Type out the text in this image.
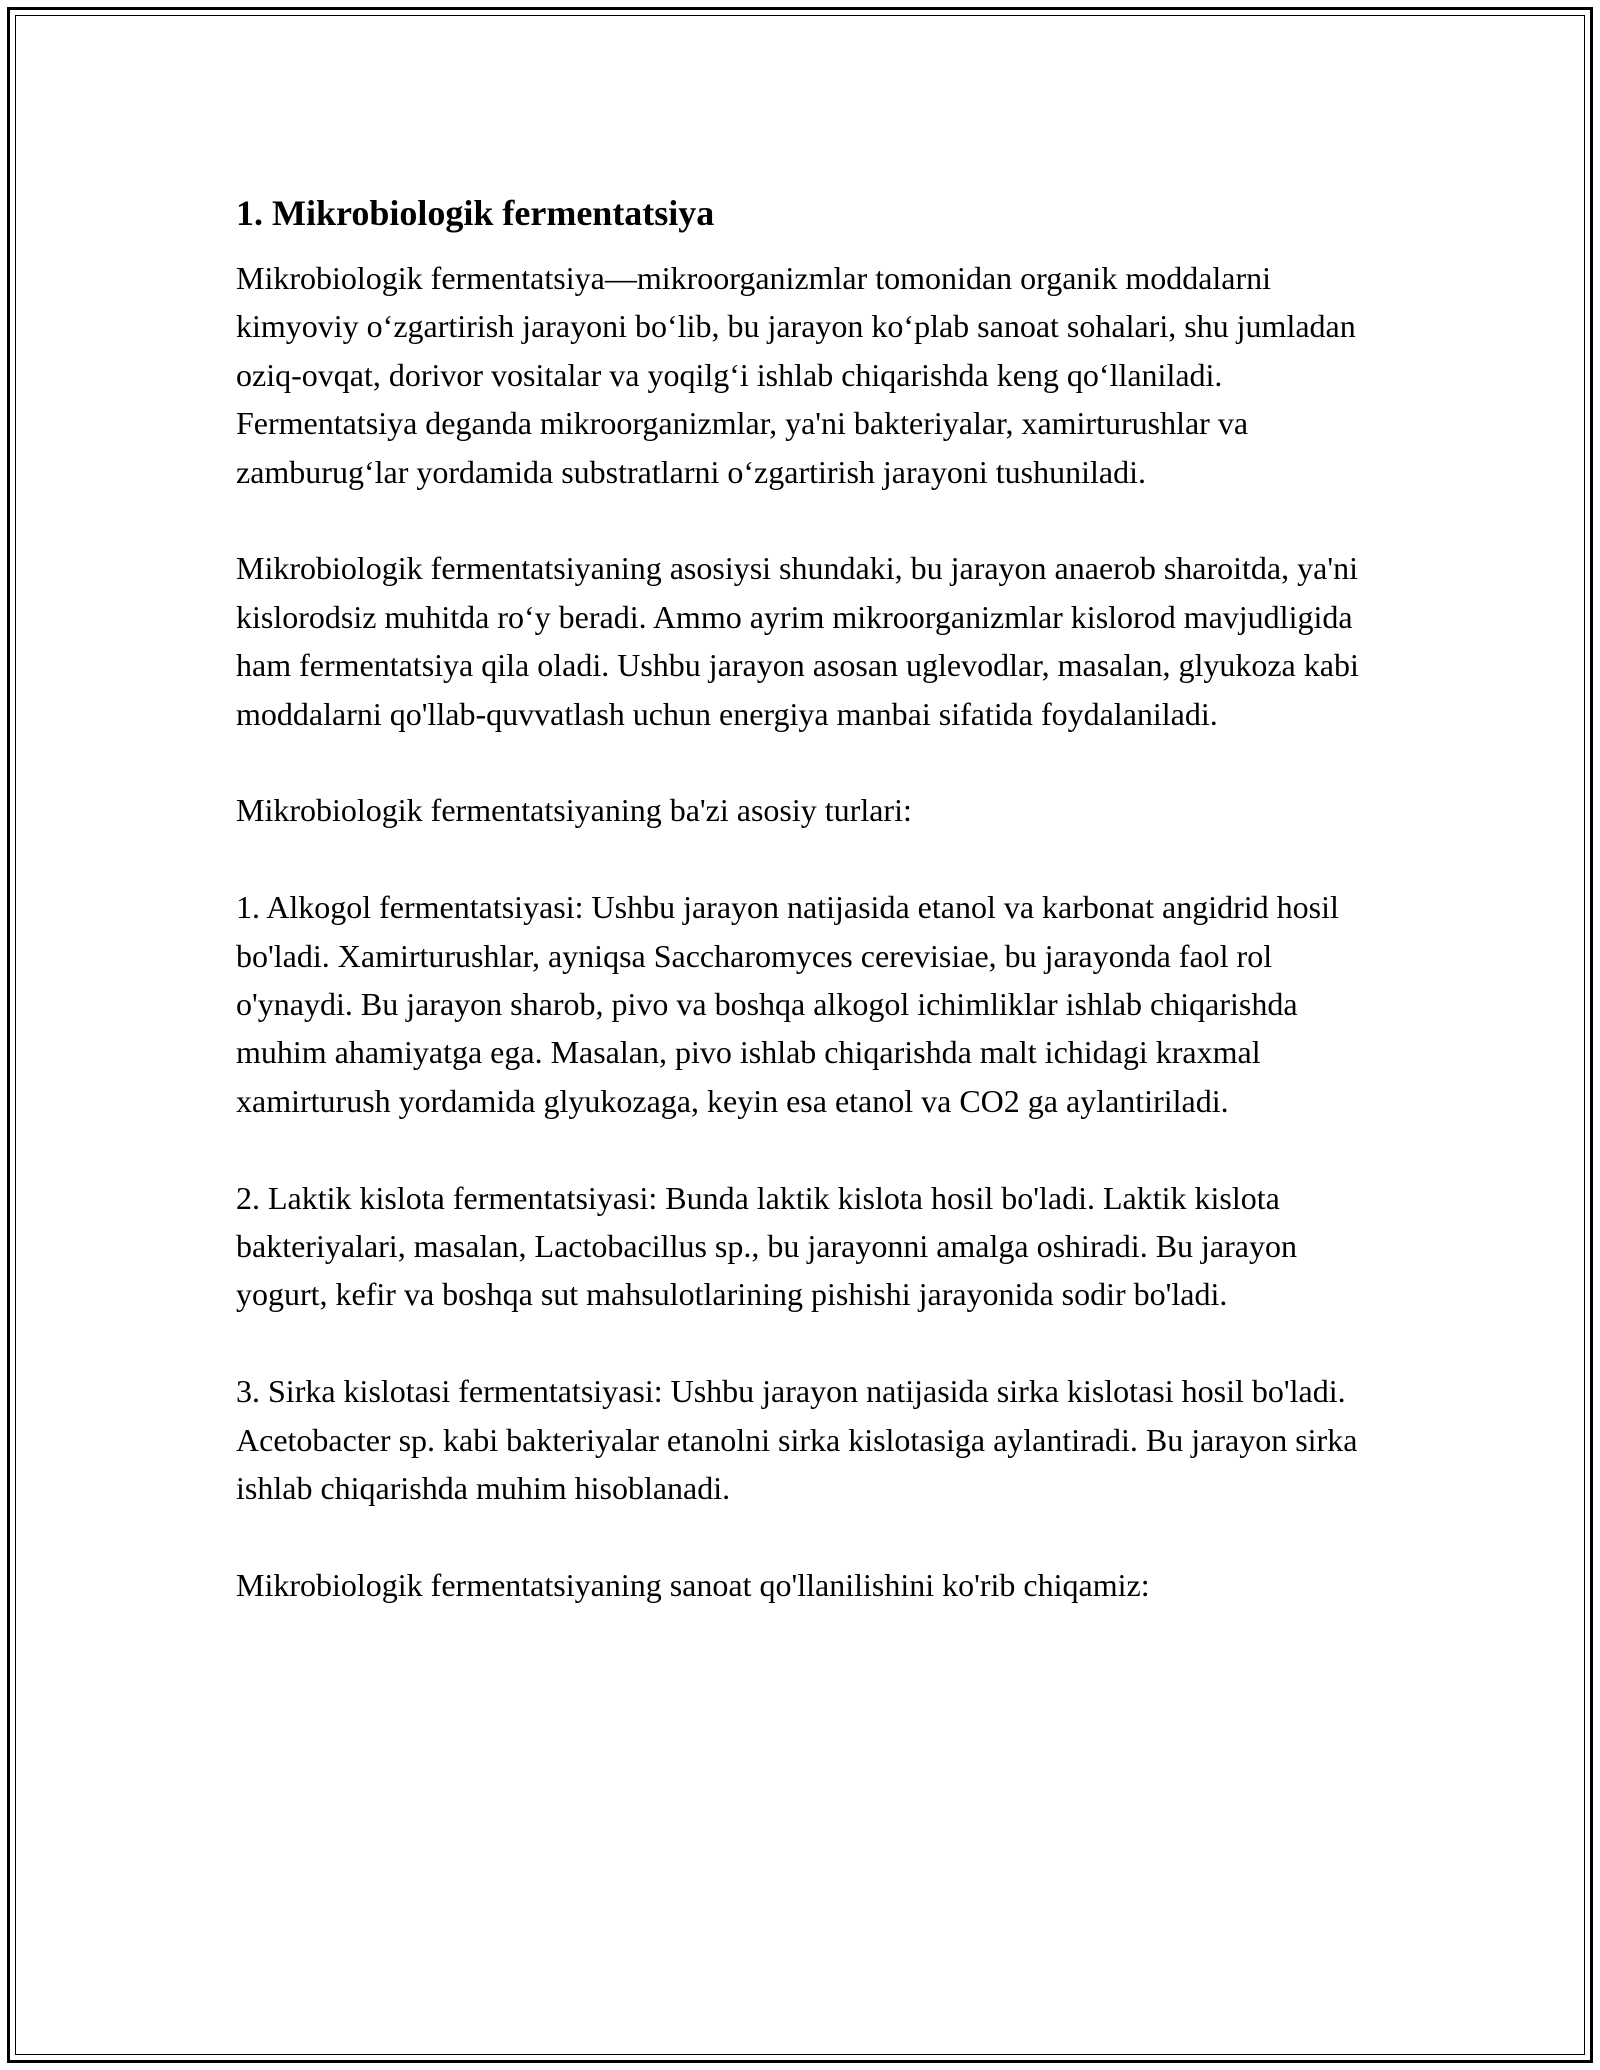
1. Mikrobiologik fermentatsiya

Mikrobiologik fermentatsiya—mikroorganizmlar tomonidan organik moddalarni kimyoviy o‘zgartirish jarayoni bo‘lib, bu jarayon ko‘plab sanoat sohalari, shu jumladan oziq-ovqat, dorivor vositalar va yoqilg‘i ishlab chiqarishda keng qo‘llaniladi. Fermentatsiya deganda mikroorganizmlar, ya'ni bakteriyalar, xamirturushlar va zamburug‘lar yordamida substratlarni o‘zgartirish jarayoni tushuniladi.

Mikrobiologik fermentatsiyaning asosiysi shundaki, bu jarayon anaerob sharoitda, ya'ni kislorodsiz muhitda ro‘y beradi. Ammo ayrim mikroorganizmlar kislorod mavjudligida ham fermentatsiya qila oladi. Ushbu jarayon asosan uglevodlar, masalan, glyukoza kabi moddalarni qo'llab-quvvatlash uchun energiya manbai sifatida foydalaniladi.

Mikrobiologik fermentatsiyaning ba'zi asosiy turlari:

1. Alkogol fermentatsiyasi: Ushbu jarayon natijasida etanol va karbonat angidrid hosil bo'ladi. Xamirturushlar, ayniqsa Saccharomyces cerevisiae, bu jarayonda faol rol o'ynaydi. Bu jarayon sharob, pivo va boshqa alkogol ichimliklar ishlab chiqarishda muhim ahamiyatga ega. Masalan, pivo ishlab chiqarishda malt ichidagi kraxmal xamirturush yordamida glyukozaga, keyin esa etanol va CO2 ga aylantiriladi.

2. Laktik kislota fermentatsiyasi: Bunda laktik kislota hosil bo'ladi. Laktik kislota bakteriyalari, masalan, Lactobacillus sp., bu jarayonni amalga oshiradi. Bu jarayon yogurt, kefir va boshqa sut mahsulotlarining pishishi jarayonida sodir bo'ladi.

3. Sirka kislotasi fermentatsiyasi: Ushbu jarayon natijasida sirka kislotasi hosil bo'ladi. Acetobacter sp. kabi bakteriyalar etanolni sirka kislotasiga aylantiradi. Bu jarayon sirka ishlab chiqarishda muhim hisoblanadi.

Mikrobiologik fermentatsiyaning sanoat qo'llanilishini ko'rib chiqamiz:
